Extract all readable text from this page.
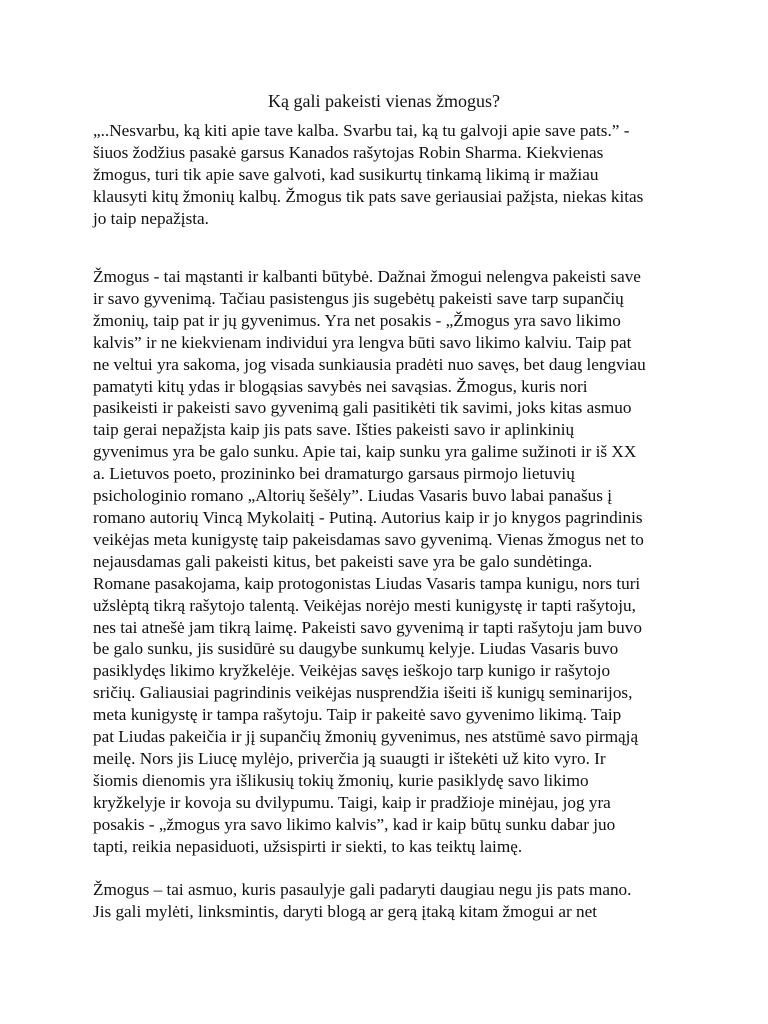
Ką gali pakeisti vienas žmogus?
„..Nesvarbu, ką kiti apie tave kalba. Svarbu tai, ką tu galvoji apie save pats.” -
šiuos žodžius pasakė garsus Kanados rašytojas Robin Sharma. Kiekvienas
žmogus, turi tik apie save galvoti, kad susikurtų tinkamą likimą ir mažiau
klausyti kitų žmonių kalbų. Žmogus tik pats save geriausiai pažįsta, niekas kitas
jo taip nepažįsta.
Žmogus - tai mąstanti ir kalbanti būtybė. Dažnai žmogui nelengva pakeisti save
ir savo gyvenimą. Tačiau pasistengus jis sugebėtų pakeisti save tarp supančių
žmonių, taip pat ir jų gyvenimus. Yra net posakis - „Žmogus yra savo likimo
kalvis” ir ne kiekvienam individui yra lengva būti savo likimo kalviu. Taip pat
ne veltui yra sakoma, jog visada sunkiausia pradėti nuo savęs, bet daug lengviau
pamatyti kitų ydas ir blogąsias savybės nei savąsias. Žmogus, kuris nori
pasikeisti ir pakeisti savo gyvenimą gali pasitikėti tik savimi, joks kitas asmuo
taip gerai nepažįsta kaip jis pats save. Išties pakeisti savo ir aplinkinių
gyvenimus yra be galo sunku. Apie tai, kaip sunku yra galime sužinoti ir iš XX
a. Lietuvos poeto, prozininko bei dramaturgo garsaus pirmojo lietuvių
psichologinio romano „Altorių šešėly”. Liudas Vasaris buvo labai panašus į
romano autorių Vincą Mykolaitį - Putiną. Autorius kaip ir jo knygos pagrindinis
veikėjas meta kunigystę taip pakeisdamas savo gyvenimą. Vienas žmogus net to
nejausdamas gali pakeisti kitus, bet pakeisti save yra be galo sundėtinga.
Romane pasakojama, kaip protogonistas Liudas Vasaris tampa kunigu, nors turi
užslėptą tikrą rašytojo talentą. Veikėjas norėjo mesti kunigystę ir tapti rašytoju,
nes tai atnešė jam tikrą laimę. Pakeisti savo gyvenimą ir tapti rašytoju jam buvo
be galo sunku, jis susidūrė su daugybe sunkumų kelyje. Liudas Vasaris buvo
pasiklydęs likimo kryžkelėje. Veikėjas savęs ieškojo tarp kunigo ir rašytojo
sričių. Galiausiai pagrindinis veikėjas nusprendžia išeiti iš kunigų seminarijos,
meta kunigystę ir tampa rašytoju. Taip ir pakeitė savo gyvenimo likimą. Taip
pat Liudas pakeičia ir jį supančių žmonių gyvenimus, nes atstūmė savo pirmąją
meilę. Nors jis Liucę mylėjo, priverčia ją suaugti ir ištekėti už kito vyro. Ir
šiomis dienomis yra išlikusių tokių žmonių, kurie pasiklydę savo likimo
kryžkelyje ir kovoja su dvilypumu. Taigi, kaip ir pradžioje minėjau, jog yra
posakis - „žmogus yra savo likimo kalvis”, kad ir kaip būtų sunku dabar juo
tapti, reikia nepasiduoti, užsispirti ir siekti, to kas teiktų laimę.
Žmogus – tai asmuo, kuris pasaulyje gali padaryti daugiau negu jis pats mano.
Jis gali mylėti, linksmintis, daryti blogą ar gerą įtaką kitam žmogui ar net
